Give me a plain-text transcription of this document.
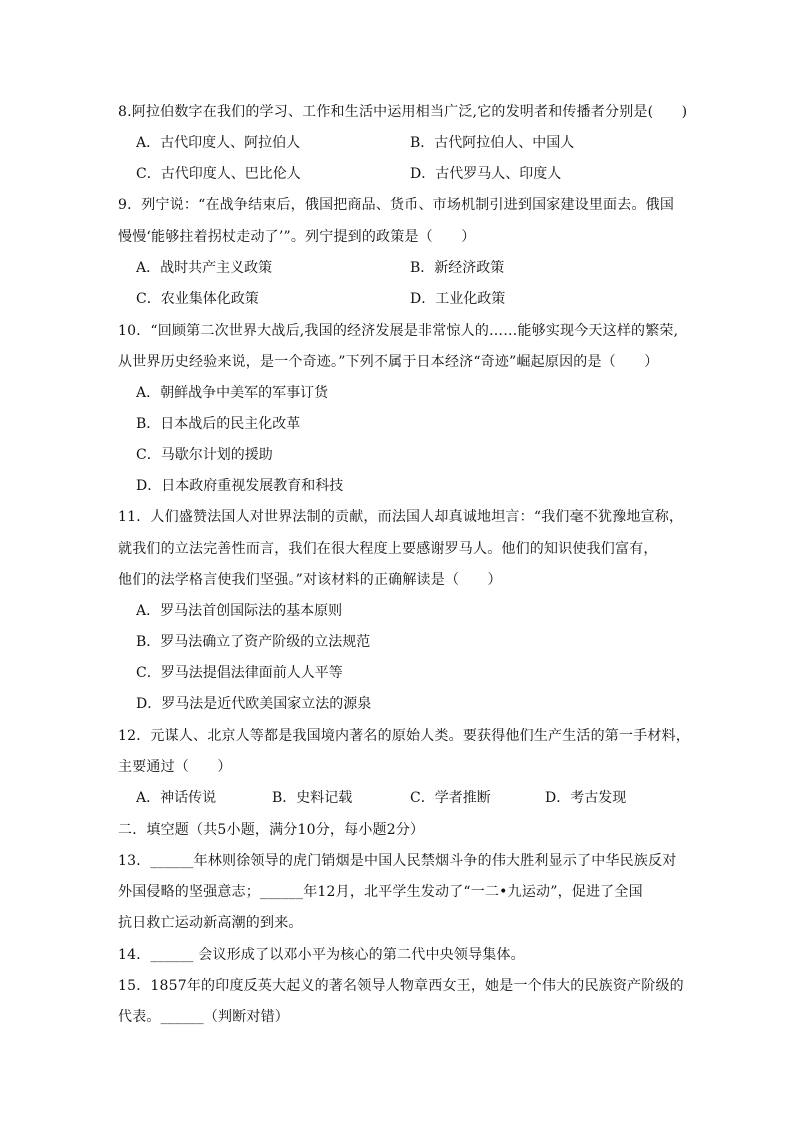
8.阿拉伯数字在我们的学习、工作和生活中运用相当广泛,它的发明者和传播者分别是(　　)
A．古代印度人、阿拉伯人	B．古代阿拉伯人、中国人
C．古代印度人、巴比伦人	D．古代罗马人、印度人
9．列宁说：“在战争结束后，俄国把商品、货币、市场机制引进到国家建设里面去。俄国
慢慢‘能够拄着拐杖走动了’”。列宁提到的政策是（　　）
A．战时共产主义政策	B．新经济政策
C．农业集体化政策	D．工业化政策
10．“回顾第二次世界大战后,我国的经济发展是非常惊人的……能够实现今天这样的繁荣,
从世界历史经验来说，是一个奇迹。”下列不属于日本经济“奇迹”崛起原因的是（　　）
A．朝鲜战争中美军的军事订货
B．日本战后的民主化改革
C．马歇尔计划的援助
D．日本政府重视发展教育和科技
11．人们盛赞法国人对世界法制的贡献，而法国人却真诚地坦言：“我们毫不犹豫地宣称，
就我们的立法完善性而言，我们在很大程度上要感谢罗马人。他们的知识使我们富有，
他们的法学格言使我们坚强。”对该材料的正确解读是（　　）
A．罗马法首创国际法的基本原则
B．罗马法确立了资产阶级的立法规范
C．罗马法提倡法律面前人人平等
D．罗马法是近代欧美国家立法的源泉
12．元谋人、北京人等都是我国境内著名的原始人类。要获得他们生产生活的第一手材料，
主要通过（　　）
A．神话传说	B．史料记载	C．学者推断	D．考古发现
二．填空题（共5小题，满分10分，每小题2分）
13．______年林则徐领导的虎门销烟是中国人民禁烟斗争的伟大胜利显示了中华民族反对
外国侵略的坚强意志；______年12月，北平学生发动了“一二•九运动”，促进了全国
抗日救亡运动新高潮的到来。
14．______ 会议形成了以邓小平为核心的第二代中央领导集体。
15．1857年的印度反英大起义的著名领导人物章西女王，她是一个伟大的民族资产阶级的
代表。______（判断对错）
